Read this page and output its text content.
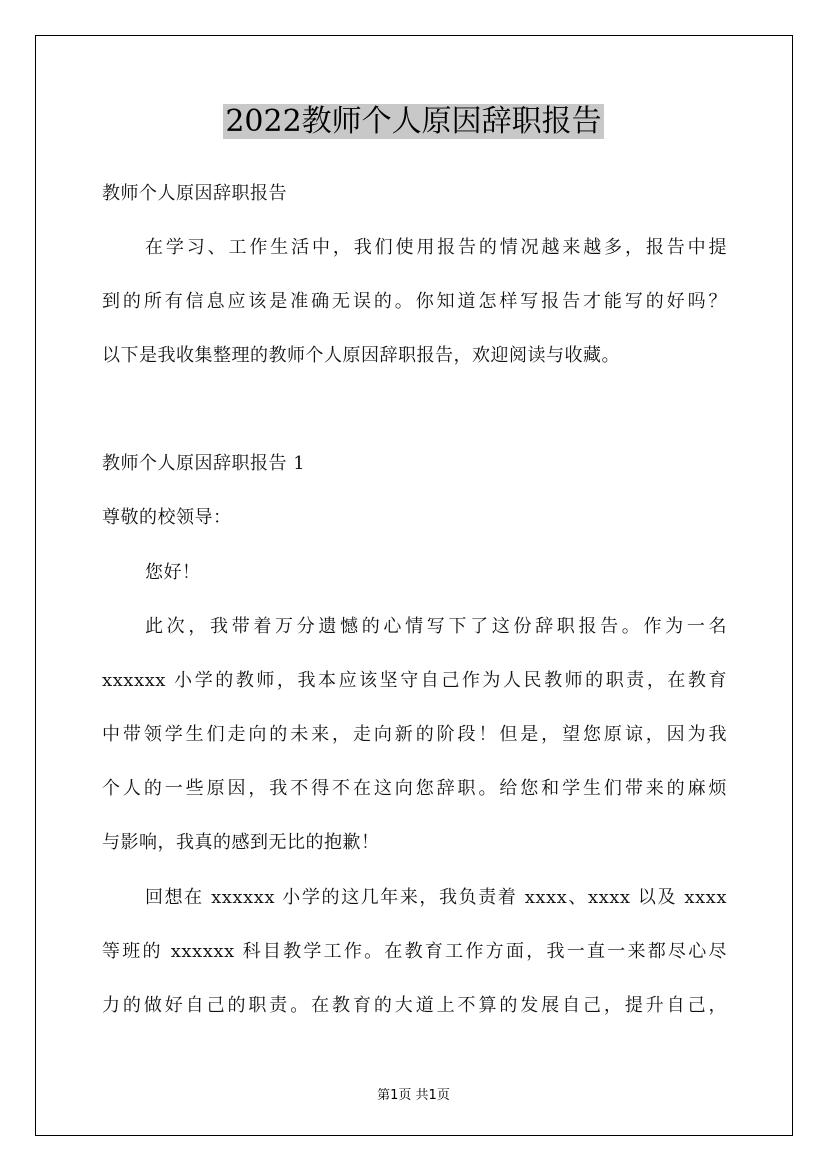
2022教师个人原因辞职报告
教师个人原因辞职报告
在学习、工作生活中，我们使用报告的情况越来越多，报告中提
到的所有信息应该是准确无误的。你知道怎样写报告才能写的好吗？
以下是我收集整理的教师个人原因辞职报告，欢迎阅读与收藏。
教师个人原因辞职报告 1
尊敬的校领导：
您好！
此次，我带着万分遗憾的心情写下了这份辞职报告。作为一名
xxxxxx 小学的教师，我本应该坚守自己作为人民教师的职责，在教育
中带领学生们走向的未来，走向新的阶段！但是，望您原谅，因为我
个人的一些原因，我不得不在这向您辞职。给您和学生们带来的麻烦
与影响，我真的感到无比的抱歉！
回想在 xxxxxx 小学的这几年来，我负责着 xxxx、xxxx 以及 xxxx
等班的 xxxxxx 科目教学工作。在教育工作方面，我一直一来都尽心尽
力的做好自己的职责。在教育的大道上不算的发展自己，提升自己，
第1页 共1页
